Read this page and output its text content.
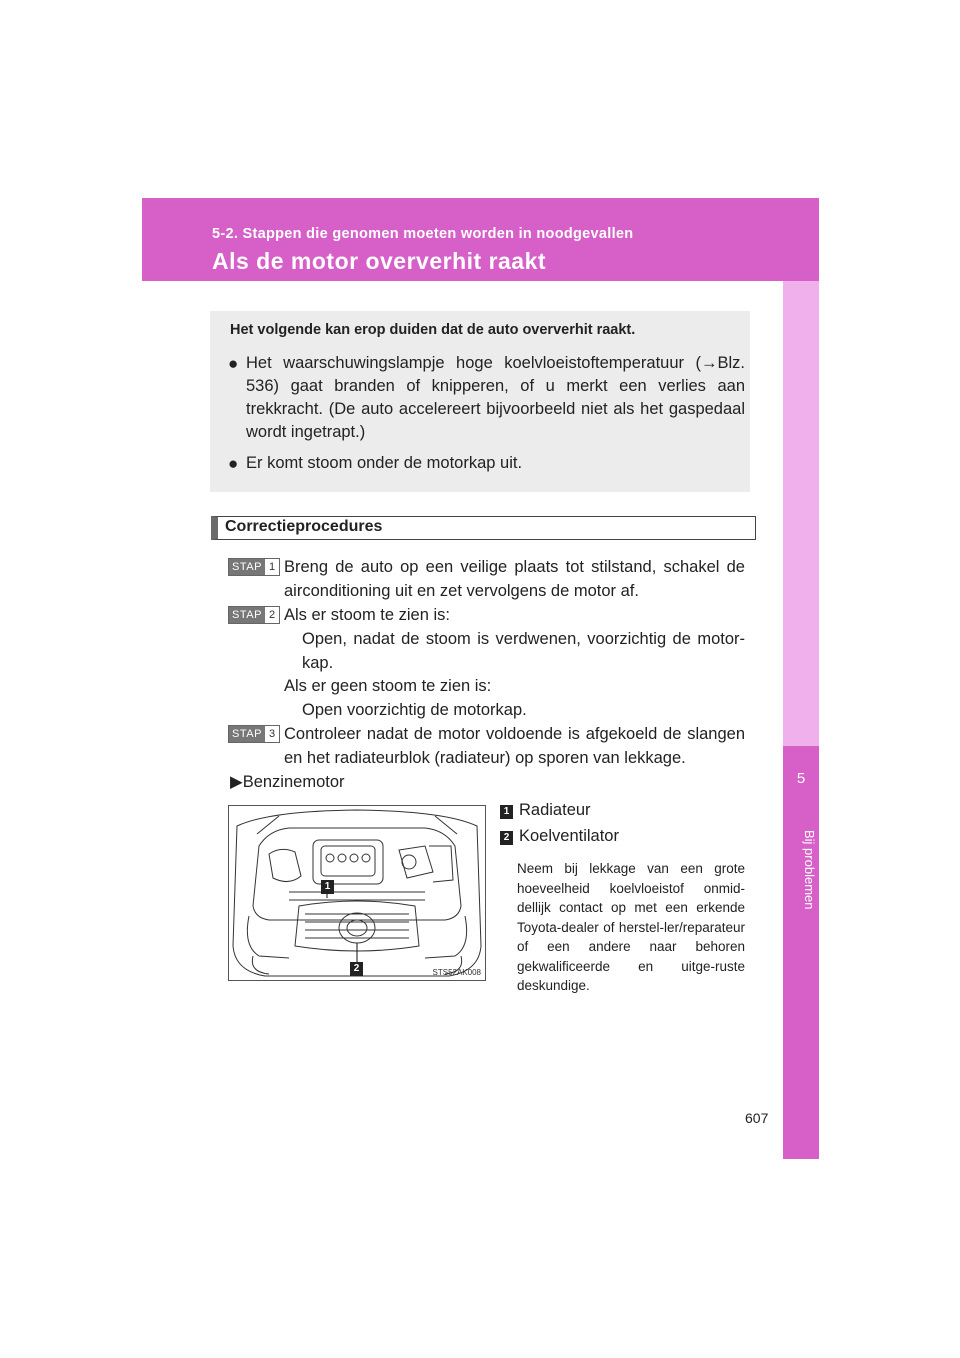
5-2. Stappen die genomen moeten worden in noodgevallen
Als de motor oververhit raakt
5
Bij problemen
Het volgende kan erop duiden dat de auto oververhit raakt.
● Het waarschuwingslampje hoge koelvloeistoftemperatuur (→Blz. 536) gaat branden of knipperen, of u merkt een verlies aan trekkracht. (De auto accelereert bijvoorbeeld niet als het gaspedaal wordt ingetrapt.)
● Er komt stoom onder de motorkap uit.
Correctieprocedures
STAP 1 Breng de auto op een veilige plaats tot stilstand, schakel de airconditioning uit en zet vervolgens de motor af.
STAP 2 Als er stoom te zien is:
Open, nadat de stoom is verdwenen, voorzichtig de motor-kap.
Als er geen stoom te zien is:
Open voorzichtig de motorkap.
STAP 3 Controleer nadat de motor voldoende is afgekoeld de slangen en het radiateurblok (radiateur) op sporen van lekkage.
▶Benzinemotor
1
2	STS52AK008
1 Radiateur
2 Koelventilator
Neem bij lekkage van een grote hoeveelheid koelvloeistof onmid-dellijk contact op met een erkende Toyota-dealer of herstel-ler/reparateur of een andere naar behoren gekwalificeerde en uitge-ruste deskundige.
607
